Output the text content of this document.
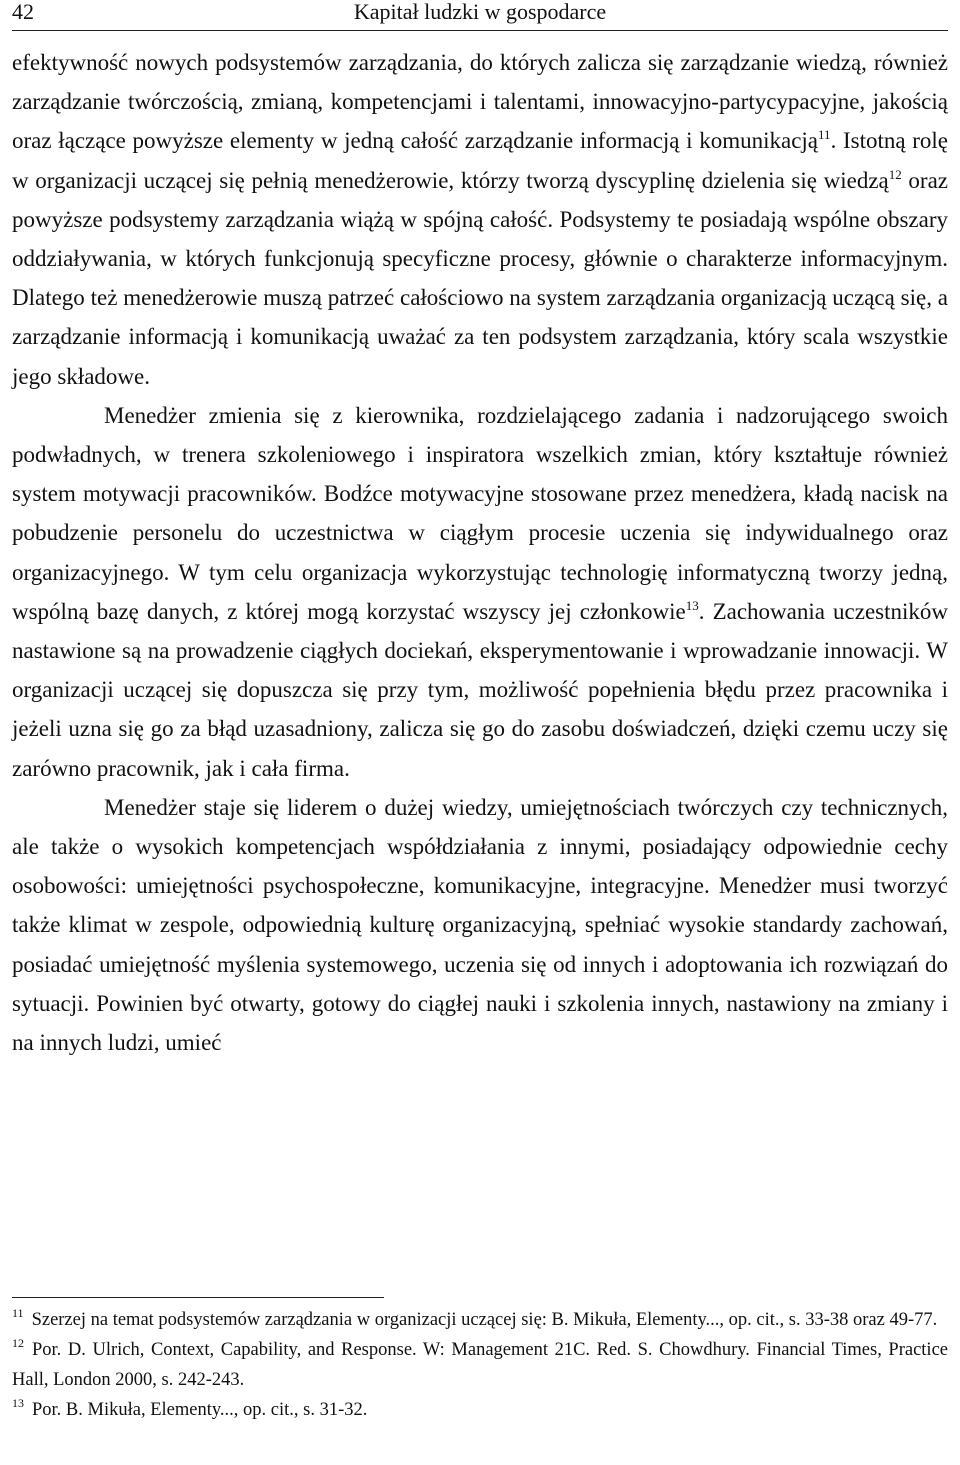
42	Kapitał ludzki w gospodarce

efektywność nowych podsystemów zarządzania, do których zalicza się zarządzanie wiedzą, również zarządzanie twórczością, zmianą, kompetencjami i talentami, innowacyjno-partycypacyjne, jakością oraz łączące powyższe elementy w jedną całość zarządzanie informacją i komunikacją$^{11}$. Istotną rolę w organizacji uczącej się pełnią menedżerowie, którzy tworzą dyscyplinę dzielenia się wiedzą$^{12}$ oraz powyższe podsystemy zarządzania wiążą w spójną całość. Podsystemy te posiadają wspólne obszary oddziaływania, w których funkcjonują specyficzne procesy, głównie o charakterze informacyjnym. Dlatego też menedżerowie muszą patrzeć całościowo na system zarządzania organizacją uczącą się, a zarządzanie informacją i komunikacją uważać za ten podsystem zarządzania, który scala wszystkie jego składowe.

Menedżer zmienia się z kierownika, rozdzielającego zadania i nadzorującego swoich podwładnych, w trenera szkoleniowego i inspiratora wszelkich zmian, który kształtuje również system motywacji pracowników. Bodźce motywacyjne stosowane przez menedżera, kładą nacisk na pobudzenie personelu do uczestnictwa w ciągłym procesie uczenia się indywidualnego oraz organizacyjnego. W tym celu organizacja wykorzystując technologię informatyczną tworzy jedną, wspólną bazę danych, z której mogą korzystać wszyscy jej członkowie$^{13}$. Zachowania uczestników nastawione są na prowadzenie ciągłych dociekań, eksperymentowanie i wprowadzanie innowacji. W organizacji uczącej się dopuszcza się przy tym, możliwość popełnienia błędu przez pracownika i jeżeli uzna się go za błąd uzasadniony, zalicza się go do zasobu doświadczeń, dzięki czemu uczy się zarówno pracownik, jak i cała firma.

Menedżer staje się liderem o dużej wiedzy, umiejętnościach twórczych czy technicznych, ale także o wysokich kompetencjach współdziałania z innymi, posiadający odpowiednie cechy osobowości: umiejętności psychospołeczne, komunikacyjne, integracyjne. Menedżer musi tworzyć także klimat w zespole, odpowiednią kulturę organizacyjną, spełniać wysokie standardy zachowań, posiadać umiejętność myślenia systemowego, uczenia się od innych i adoptowania ich rozwiązań do sytuacji. Powinien być otwarty, gotowy do ciągłej nauki i szkolenia innych, nastawiony na zmiany i na innych ludzi, umieć

$^{11}$ Szerzej na temat podsystemów zarządzania w organizacji uczącej się: B. Mikuła, Elementy..., op. cit., s. 33-38 oraz 49-77.

$^{12}$ Por. D. Ulrich, Context, Capability, and Response. W: Management 21C. Red. S. Chowdhury. Financial Times, Practice Hall, London 2000, s. 242-243.

$^{13}$ Por. B. Mikuła, Elementy..., op. cit., s. 31-32.
